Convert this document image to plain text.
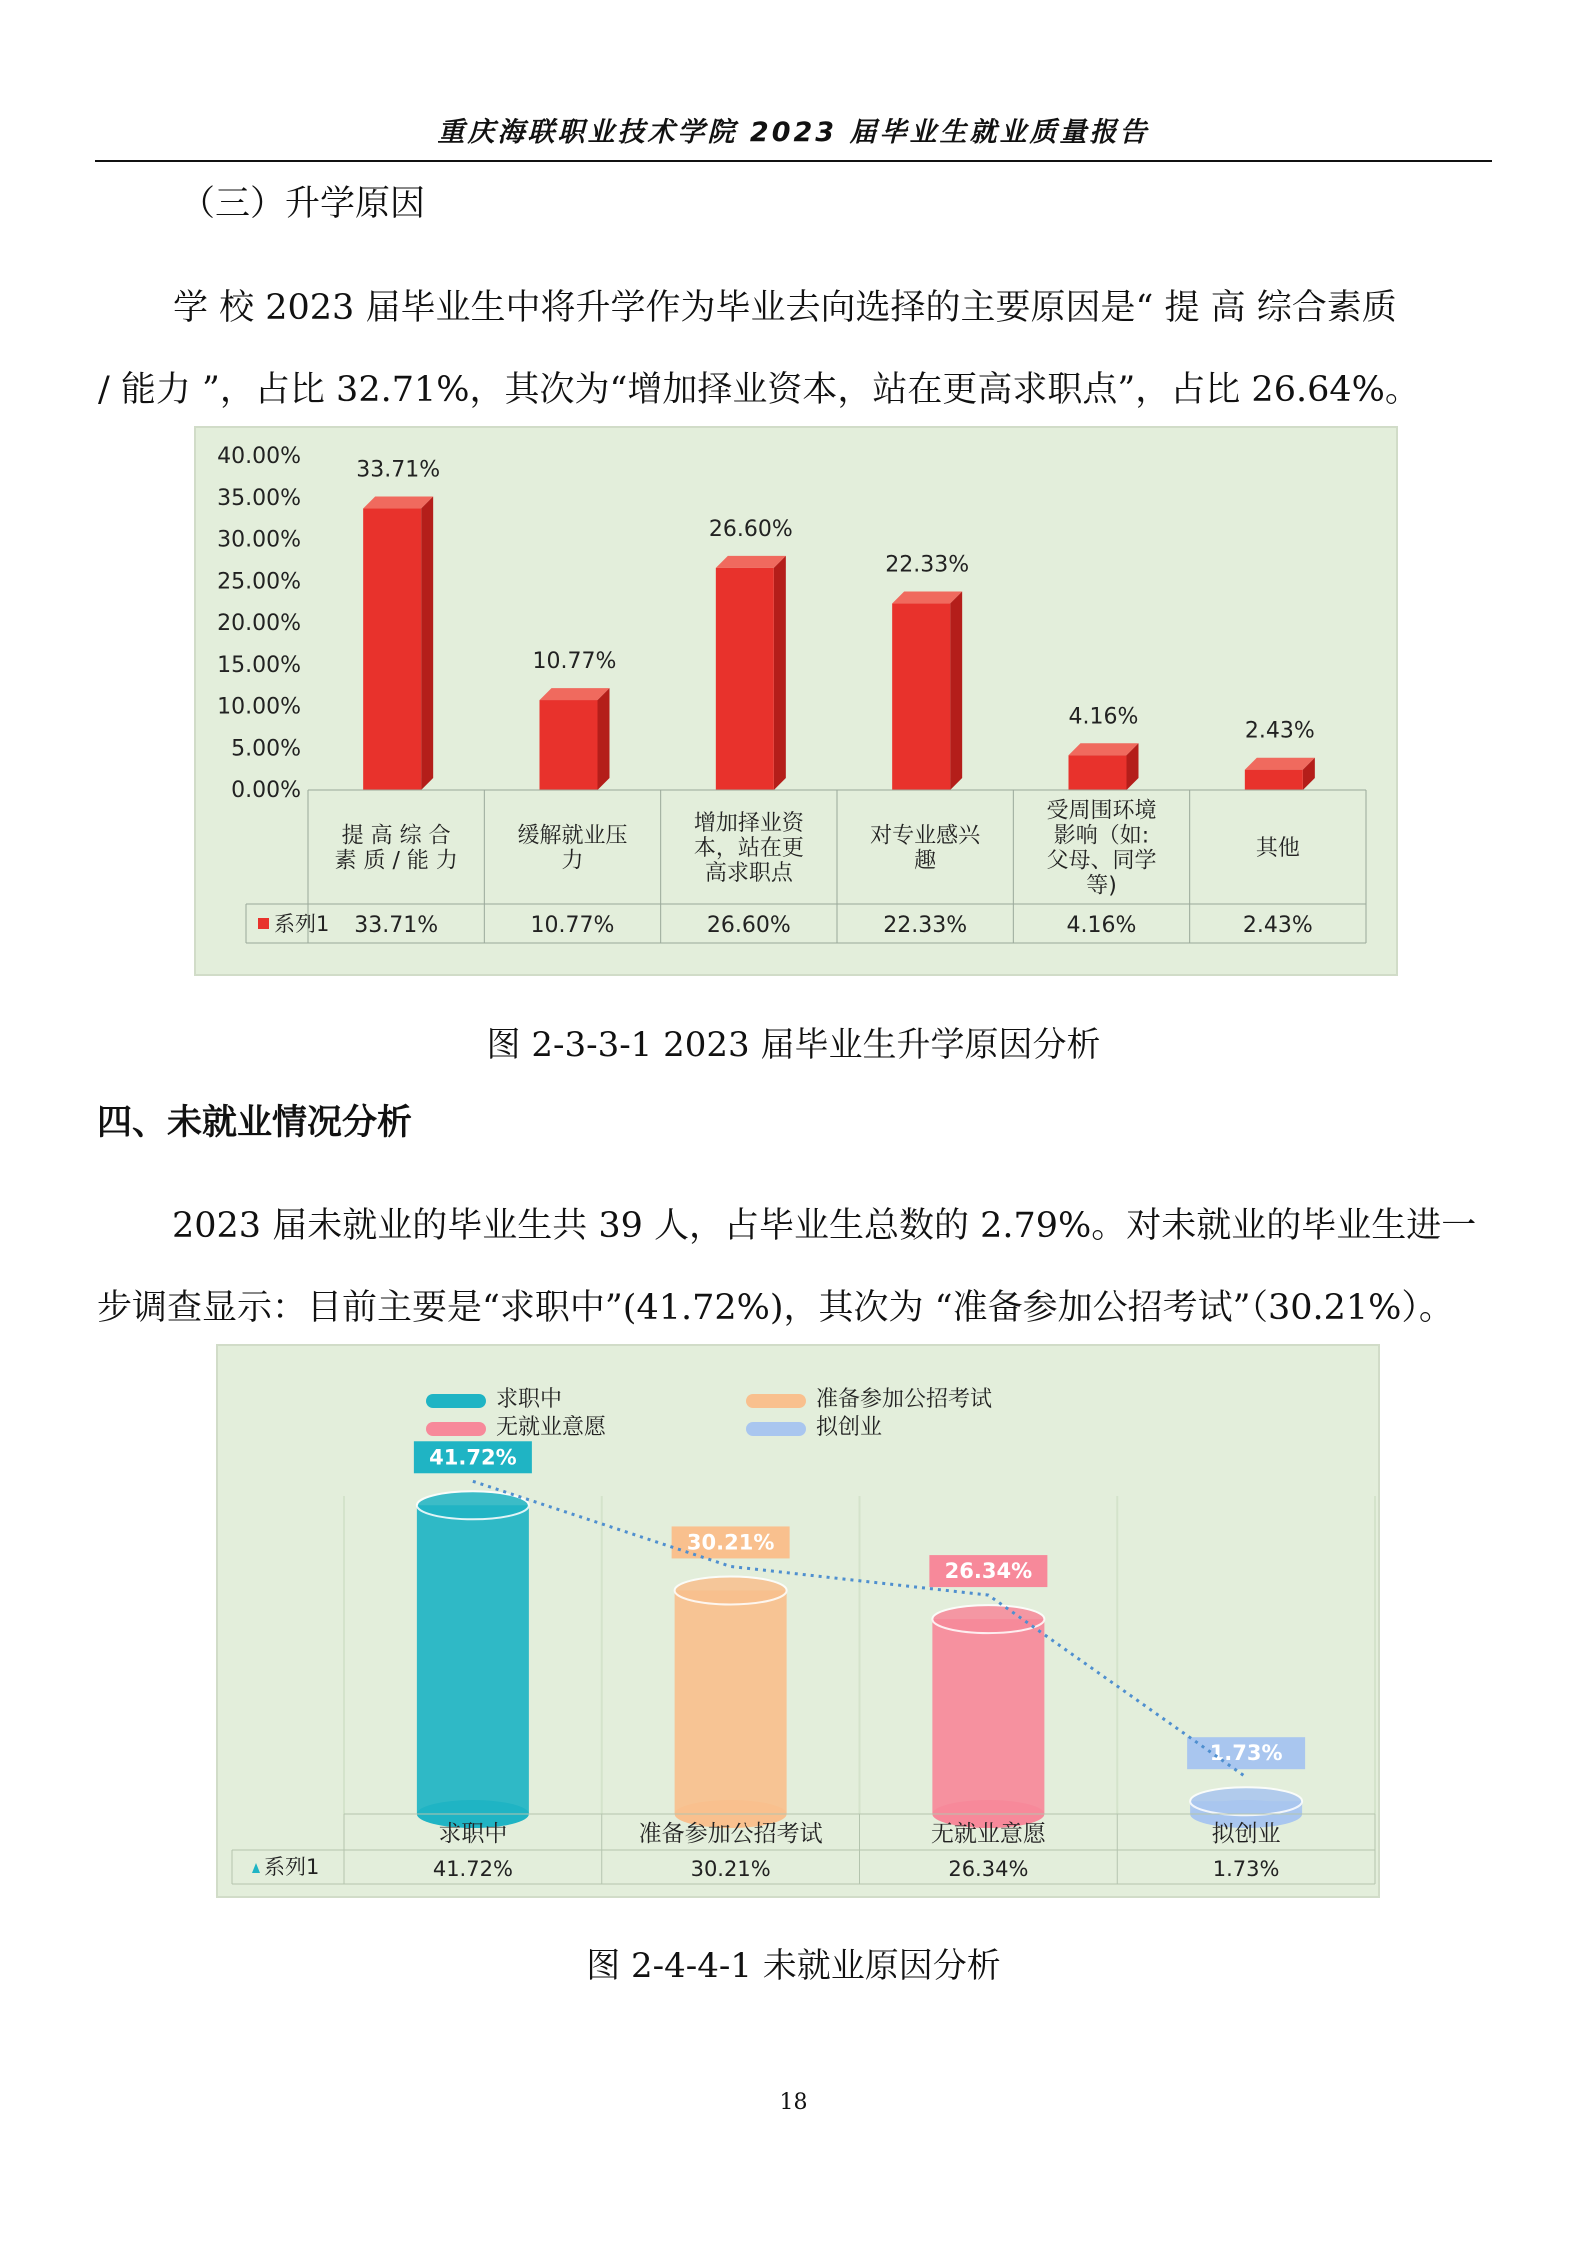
重庆海联职业技术学院 2023 届毕业生就业质量报告
（三）升学原因
学 校 2023 届毕业生中将升学作为毕业去向选择的主要原因是“ 提 高 综合素质
/ 能力 ”，占比 32.71%，其次为“增加择业资本，站在更高求职点”，占比 26.64%。
0.00%
5.00%
10.00%
15.00%
20.00%
25.00%
30.00%
35.00%
40.00%
33.71%
10.77%
26.60%
22.33%
4.16%
2.43%
系列1
提 高 综 合
素 质 / 能 力
33.71%
缓解就业压
力
10.77%
增加择业资
本，站在更
高求职点
26.60%
对专业感兴
趣
22.33%
受周围环境
影响（如:
父母、同学
等)
4.16%
其他
2.43%
图 2-3-3-1 2023 届毕业生升学原因分析
四、未就业情况分析
2023 届未就业的毕业生共 39 人，占毕业生总数的 2.79%。对未就业的毕业生进一
步调查显示：目前主要是“求职中”(41.72%)，其次为 “准备参加公招考试”（30.21%）。
求职中	准备参加公招考试
无就业意愿	拟创业
41.72%
30.21%
26.34%
1.73%
系列1
求职中
41.72%
准备参加公招考试
30.21%
无就业意愿
26.34%
拟创业
1.73%
图 2-4-4-1 未就业原因分析
18
